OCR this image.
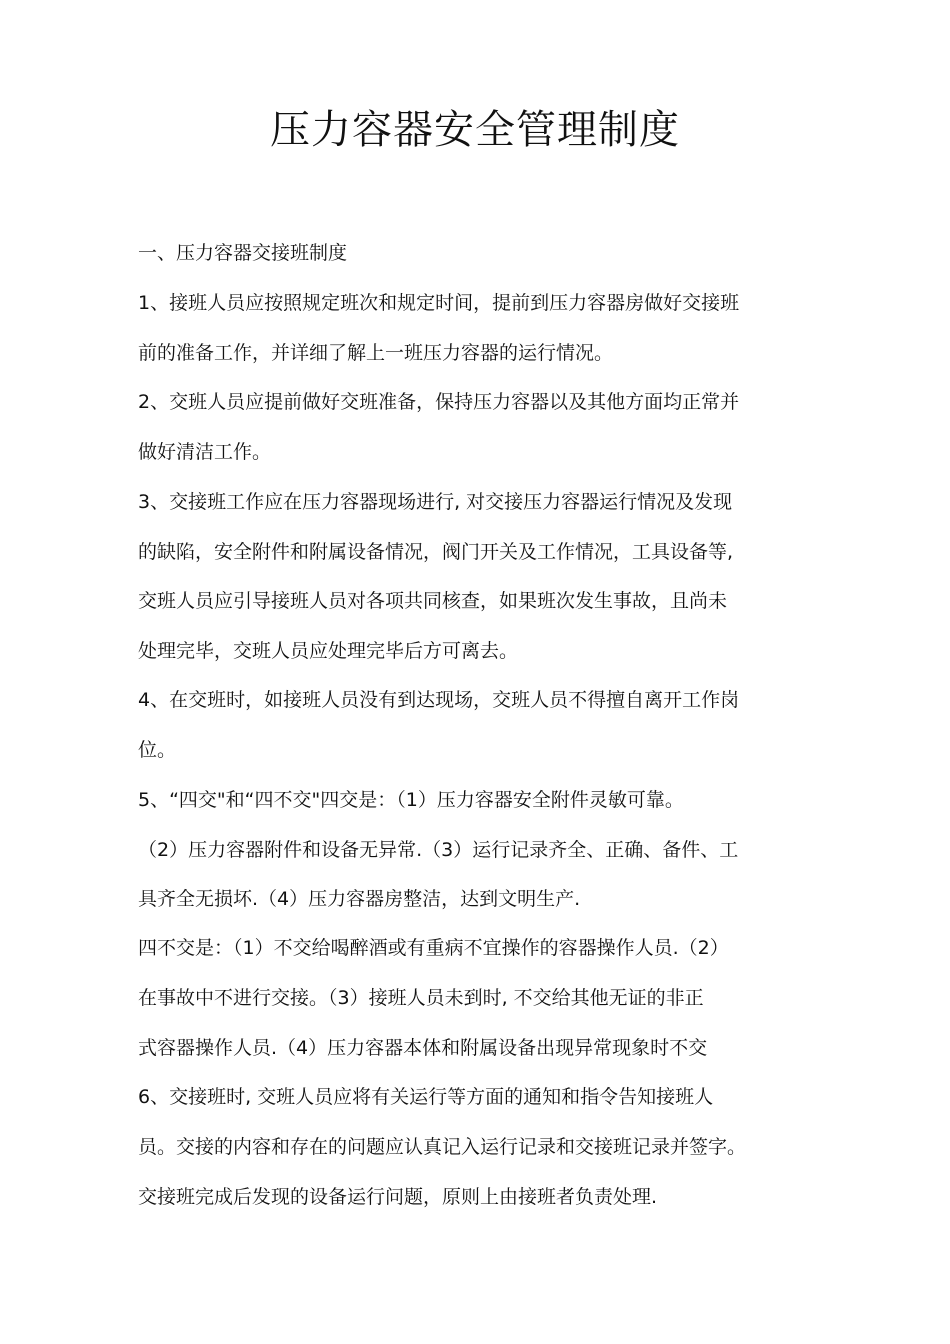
压力容器安全管理制度
一、压力容器交接班制度
1、接班人员应按照规定班次和规定时间，提前到压力容器房做好交接班
前的准备工作，并详细了解上一班压力容器的运行情况。
2、交班人员应提前做好交班准备，保持压力容器以及其他方面均正常并
做好清洁工作。
3、交接班工作应在压力容器现场进行, 对交接压力容器运行情况及发现
的缺陷，安全附件和附属设备情况，阀门开关及工作情况，工具设备等,
交班人员应引导接班人员对各项共同核查，如果班次发生事故，且尚未
处理完毕，交班人员应处理完毕后方可离去。
4、在交班时，如接班人员没有到达现场，交班人员不得擅自离开工作岗
位。
5、“四交"和“四不交"四交是：（1）压力容器安全附件灵敏可靠。
（2）压力容器附件和设备无异常.（3）运行记录齐全、正确、备件、工
具齐全无损坏.（4）压力容器房整洁，达到文明生产.
四不交是：（1）不交给喝醉酒或有重病不宜操作的容器操作人员.（2）
在事故中不进行交接。（3）接班人员未到时, 不交给其他无证的非正
式容器操作人员.（4）压力容器本体和附属设备出现异常现象时不交
6、交接班时, 交班人员应将有关运行等方面的通知和指令告知接班人
员。交接的内容和存在的问题应认真记入运行记录和交接班记录并签字。
交接班完成后发现的设备运行问题，原则上由接班者负责处理.
